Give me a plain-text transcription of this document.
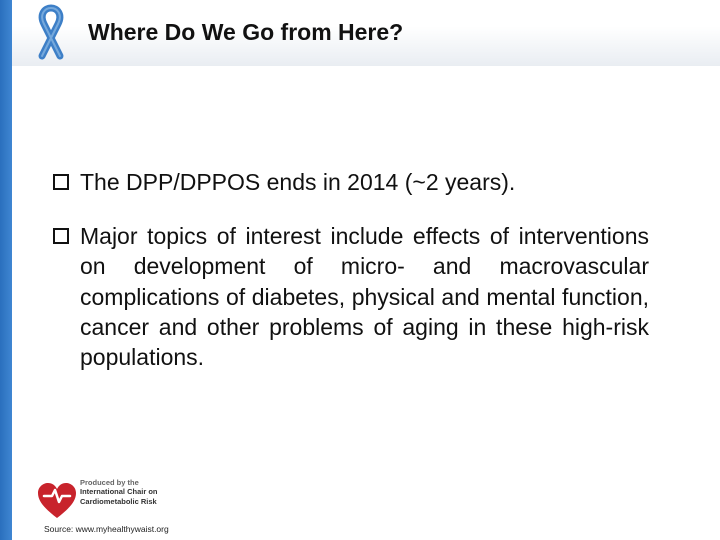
Where Do We Go from Here?
The DPP/DPPOS ends in 2014 (~2 years).
Major topics of interest include effects of interventions on development of micro- and macrovascular complications of diabetes, physical and mental function, cancer and other problems of aging in these high-risk populations.
Produced by the
International Chair on
Cardiometabolic Risk
Source: www.myhealthywaist.org
